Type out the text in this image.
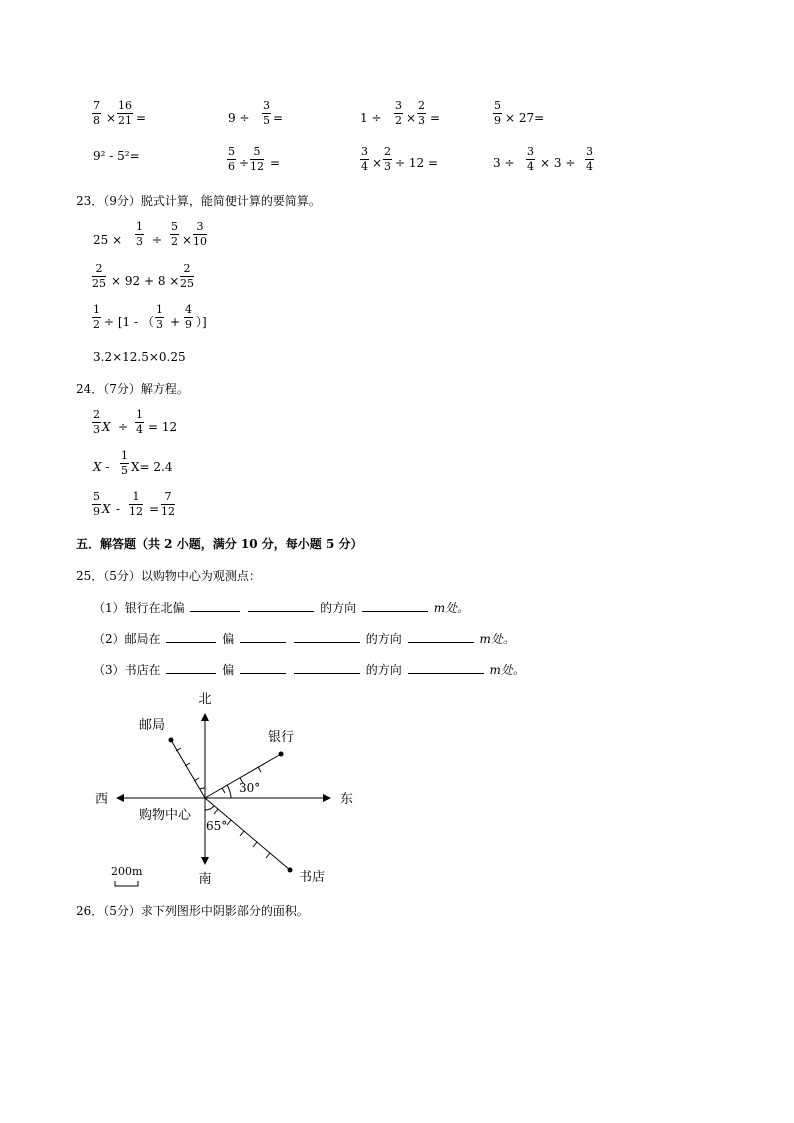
$\frac{7}{8} \times \frac{16}{21}$ =	$9 \div \frac{3}{5}$ =	$1 \div \frac{3}{2} \times \frac{2}{3}$ =	$\frac{5}{9} \times 27=$
9² - 5²=	$\frac{5}{6} \div \frac{5}{12}$ =	$\frac{3}{4} \times \frac{2}{3} \div 12$ =	$3 \div \frac{3}{4} \times 3 \div \frac{3}{4}$
23．（9分）脱式计算，能简便计算的要简算。
$25 \times \frac{1}{3} \div \frac{5}{2} \times \frac{3}{10}$
$\frac{2}{25} \times 92 + 8 \times \frac{2}{25}$
$\frac{1}{2} \div [1$ - （ $\frac{1}{3} + \frac{4}{9}$ ）]
3.2×12.5×0.25
24．（7分）解方程。
$\frac{2}{3}$ $X \div \frac{1}{4} = 12$
$X - \frac{1}{5} X= 2.4$
$\frac{5}{9}$ $X - \frac{1}{12} = \frac{7}{12}$
五．解答题（共 2 小题，满分 10 分，每小题 5 分）
25．（5分）以购物中心为观测点：
（1）银行在北偏	的方向	m处。
（2）邮局在	偏	的方向	m处。
（3）书店在	偏	的方向	m处。
北
南
东
西
购物中心
银行
邮局
书店
30°
65°
200m
26．（5分）求下列图形中阴影部分的面积。
